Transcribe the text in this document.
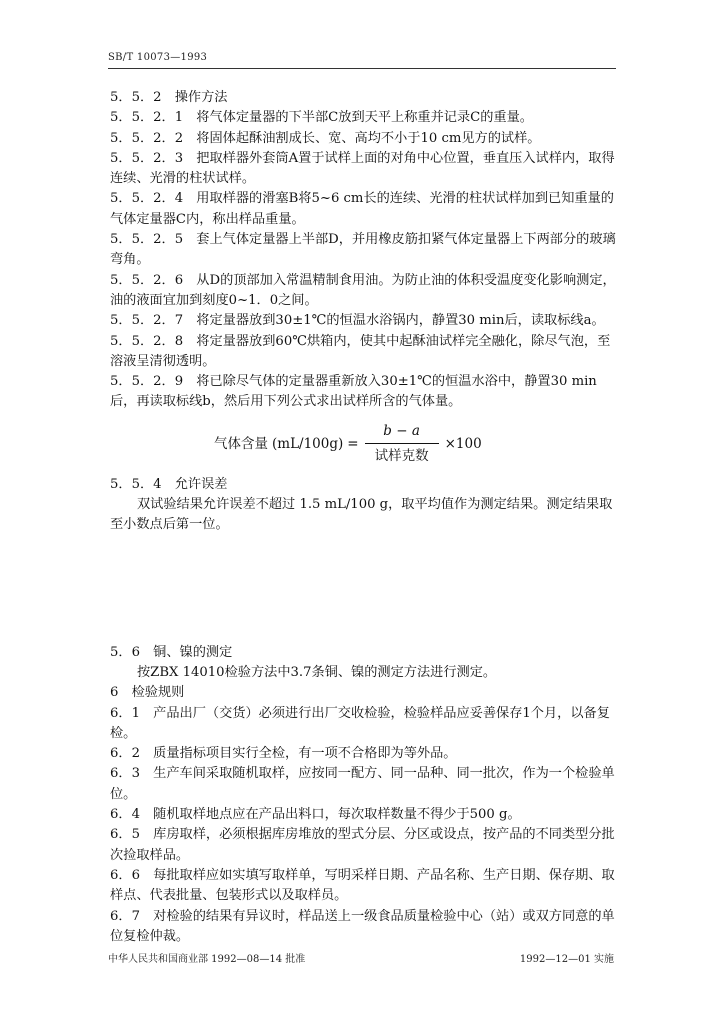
SB/T 10073—1993

5．5．2　操作方法

5．5．2．1　将气体定量器的下半部C放到天平上称重并记录C的重量。

5．5．2．2　将固体起酥油割成长、宽、高均不小于10 cm见方的试样。

5．5．2．3　把取样器外套筒A置于试样上面的对角中心位置，垂直压入试样内，取得连续、光滑的柱状试样。

5．5．2．4　用取样器的滑塞B将5~6 cm长的连续、光滑的柱状试样加到已知重量的气体定量器C内，称出样品重量。

5．5．2．5　套上气体定量器上半部D，并用橡皮筋扣紧气体定量器上下两部分的玻璃弯角。

5．5．2．6　从D的顶部加入常温精制食用油。为防止油的体积受温度变化影响测定，油的液面宜加到刻度0~1．0之间。

5．5．2．7　将定量器放到30±1℃的恒温水浴锅内，静置30 min后，读取标线a。

5．5．2．8　将定量器放到60℃烘箱内，使其中起酥油试样完全融化，除尽气泡，至溶液呈清彻透明。

5．5．2．9　将已除尽气体的定量器重新放入30±1℃的恒温水浴中，静置30 min后，再读取标线b，然后用下列公式求出试样所含的气体量。

气体含量 $(mL/100g) = \frac{b - a}{\text{试样克数}} \times 100$

5．5．4　允许误差

双试验结果允许误差不超过 1.5 mL/100 g，取平均值作为测定结果。测定结果取至小数点后第一位。

5．6　铜、镍的测定

按ZBX 14010检验方法中3.7条铜、镍的测定方法进行测定。

6　检验规则

6．1　产品出厂（交货）必须进行出厂交收检验，检验样品应妥善保存1个月，以备复检。

6．2　质量指标项目实行全检，有一项不合格即为等外品。

6．3　生产车间采取随机取样，应按同一配方、同一品种、同一批次，作为一个检验单位。

6．4　随机取样地点应在产品出料口，每次取样数量不得少于500 g。

6．5　库房取样，必须根据库房堆放的型式分层、分区或设点，按产品的不同类型分批次捡取样品。

6．6　每批取样应如实填写取样单，写明采样日期、产品名称、生产日期、保存期、取样点、代表批量、包装形式以及取样员。

6．7　对检验的结果有异议时，样品送上一级食品质量检验中心（站）或双方同意的单位复检仲裁。

中华人民共和国商业部 1992—08—14 批准	1992—12—01 实施
